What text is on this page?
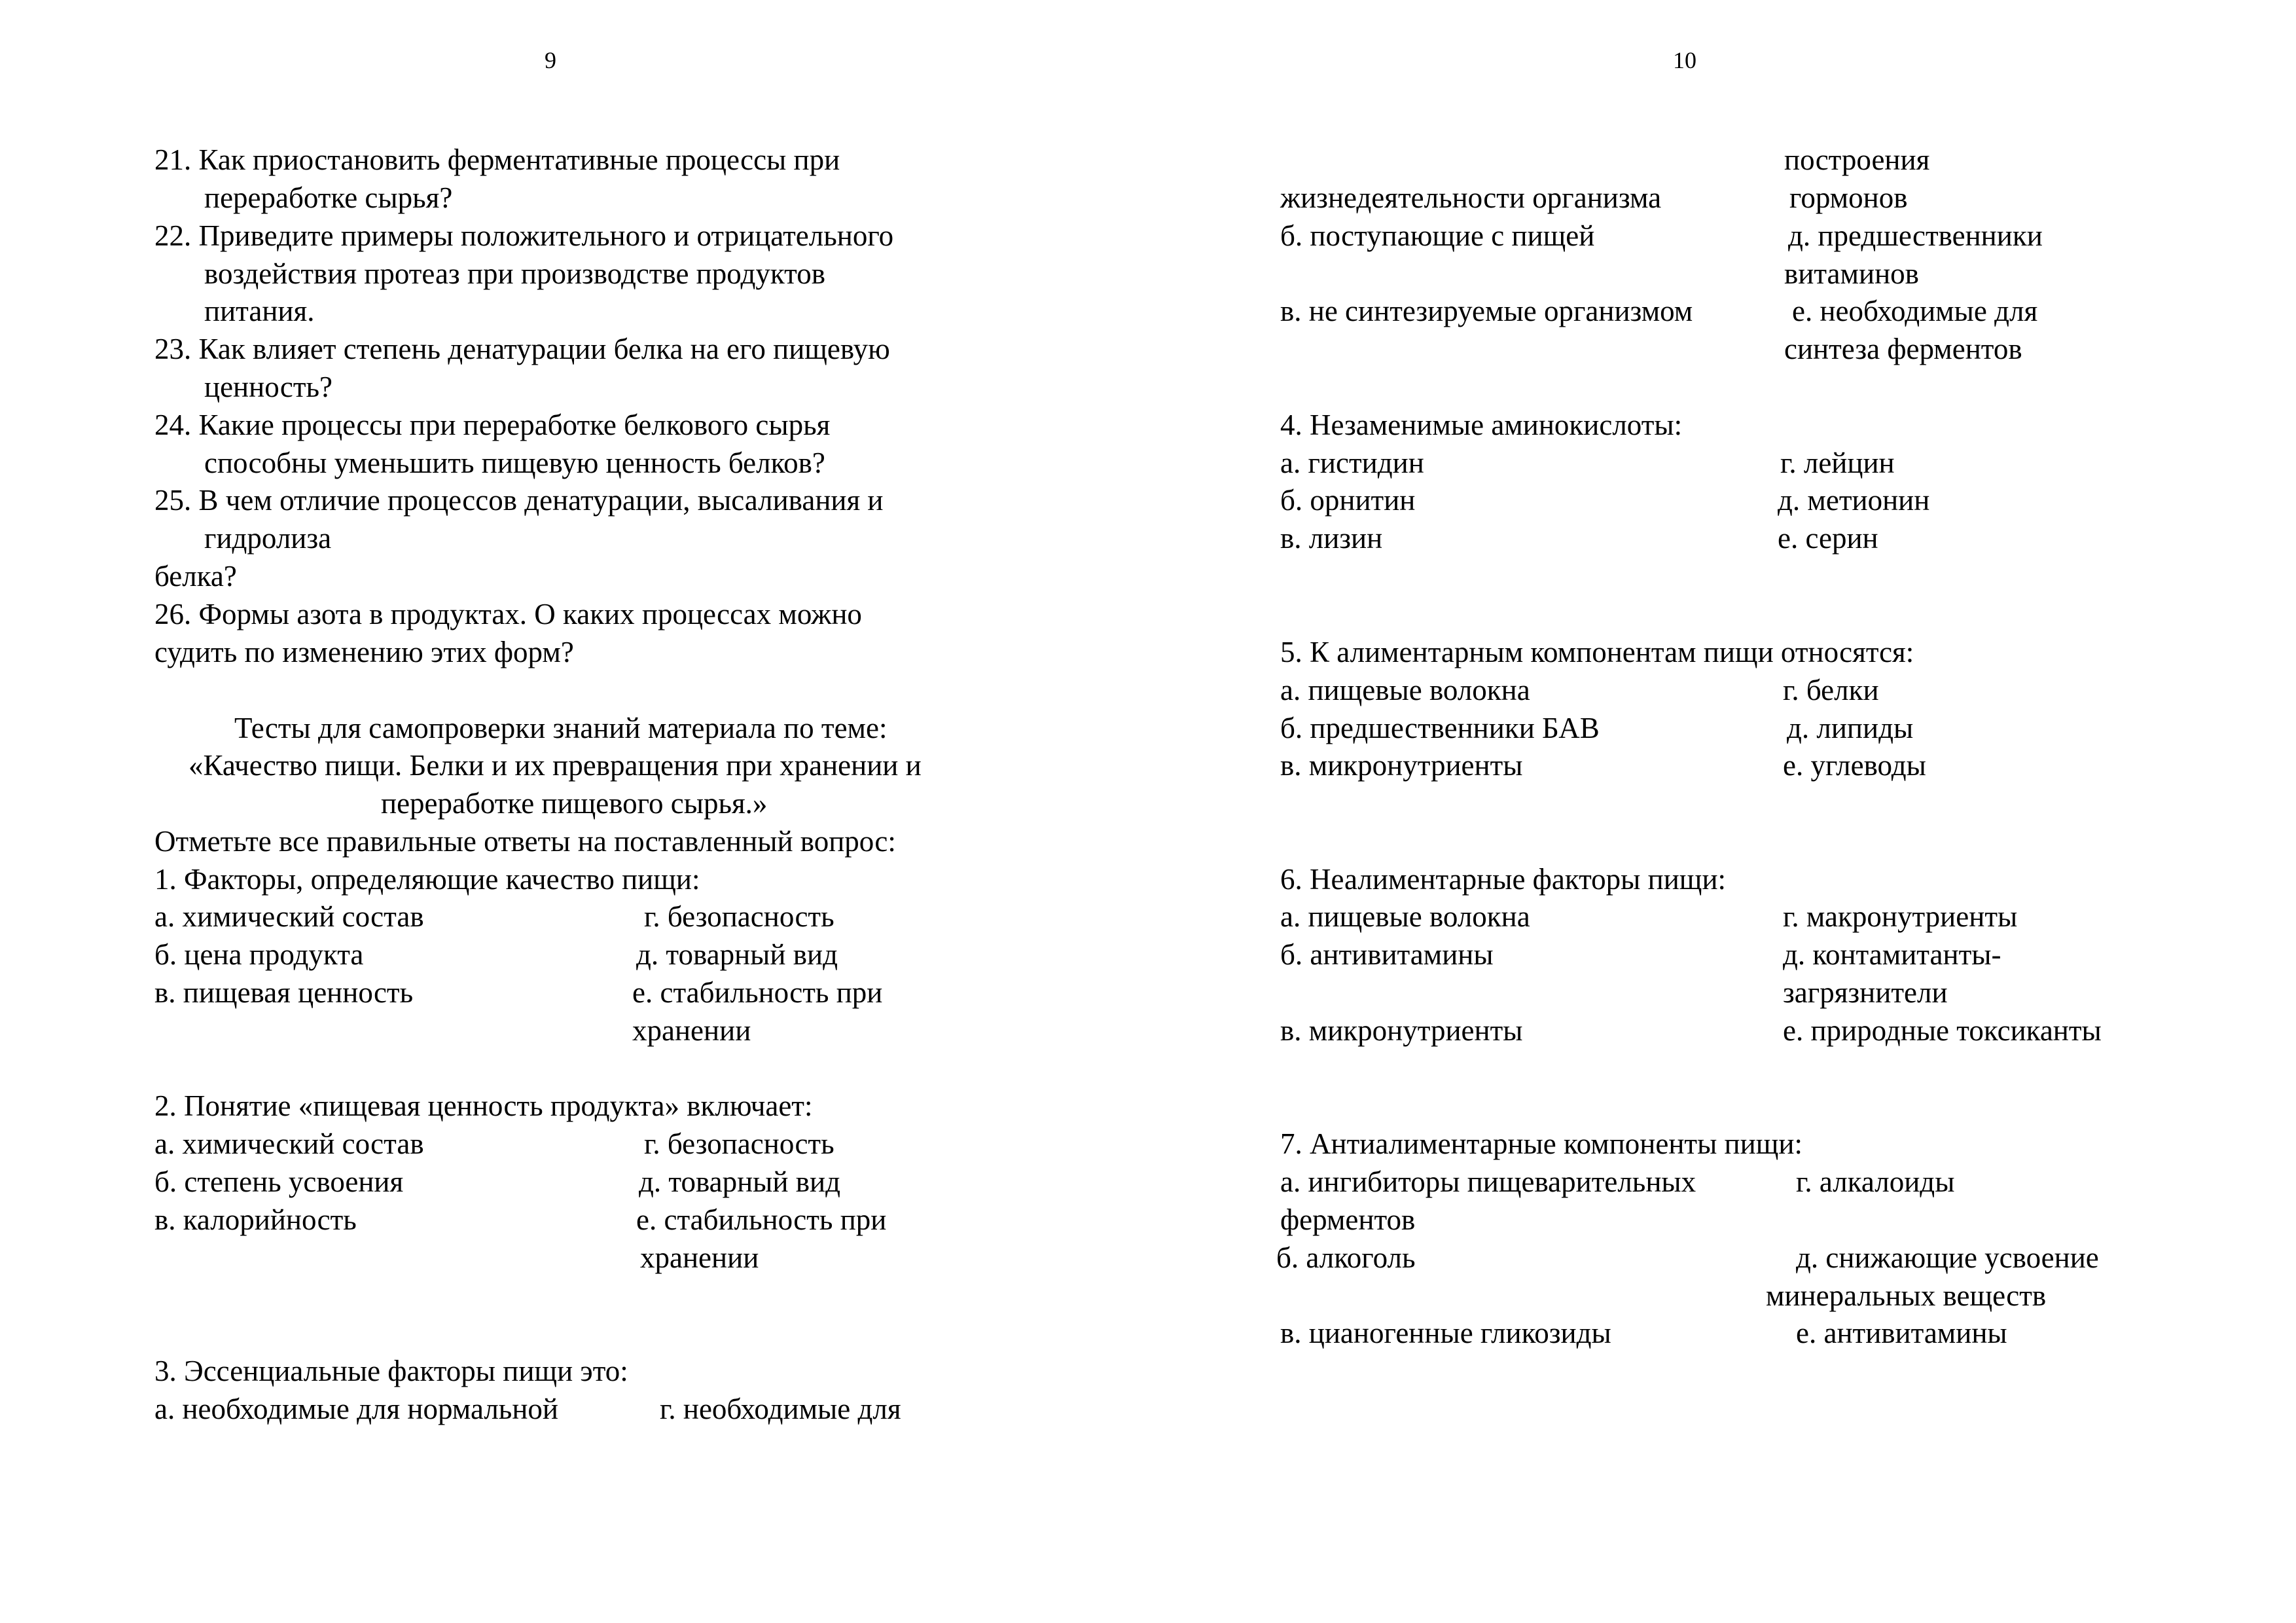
9
21. Как приостановить ферментативные процессы при
переработке сырья?
22. Приведите примеры положительного и отрицательного
воздействия протеаз при производстве продуктов
питания.
23. Как влияет степень денатурации белка на его пищевую
ценность?
24. Какие процессы при переработке белкового сырья
способны уменьшить пищевую ценность белков?
25. В чем отличие процессов денатурации, высаливания и
гидролиза
белка?
26. Формы азота в продуктах. О каких процессах можно
судить по изменению этих форм?
Тесты для самопроверки знаний материала по теме:
«Качество пищи. Белки и их превращения при хранении и
переработке пищевого сырья.»
Отметьте все правильные ответы на поставленный вопрос:
1. Факторы, определяющие качество пищи:
а. химический состав	г. безопасность
б. цена продукта	д. товарный вид
в. пищевая ценность	е. стабильность при
хранении
2. Понятие «пищевая ценность продукта» включает:
а. химический состав	г. безопасность
б. степень усвоения	д. товарный вид
в. калорийность	е. стабильность при
хранении
3. Эссенциальные факторы пищи это:
а. необходимые для нормальной	г. необходимые для
10
построения
жизнедеятельности организма	гормонов
б. поступающие с пищей	д. предшественники
витаминов
в. не синтезируемые организмом	е. необходимые для
синтеза ферментов
4. Незаменимые аминокислоты:
а. гистидин	г. лейцин
б. орнитин	д. метионин
в. лизин	е. серин
5. К алиментарным компонентам пищи относятся:
а. пищевые волокна	г. белки
б. предшественники БАВ	д. липиды
в. микронутриенты	е. углеводы
6. Неалиментарные факторы пищи:
а. пищевые волокна	г. макронутриенты
б. антивитамины	д. контамитанты-
загрязнители
в. микронутриенты	е. природные токсиканты
7. Антиалиментарные компоненты пищи:
а. ингибиторы пищеварительных	г. алкалоиды
ферментов
б. алкоголь	д. снижающие усвоение
минеральных веществ
в. цианогенные гликозиды	е. антивитамины
